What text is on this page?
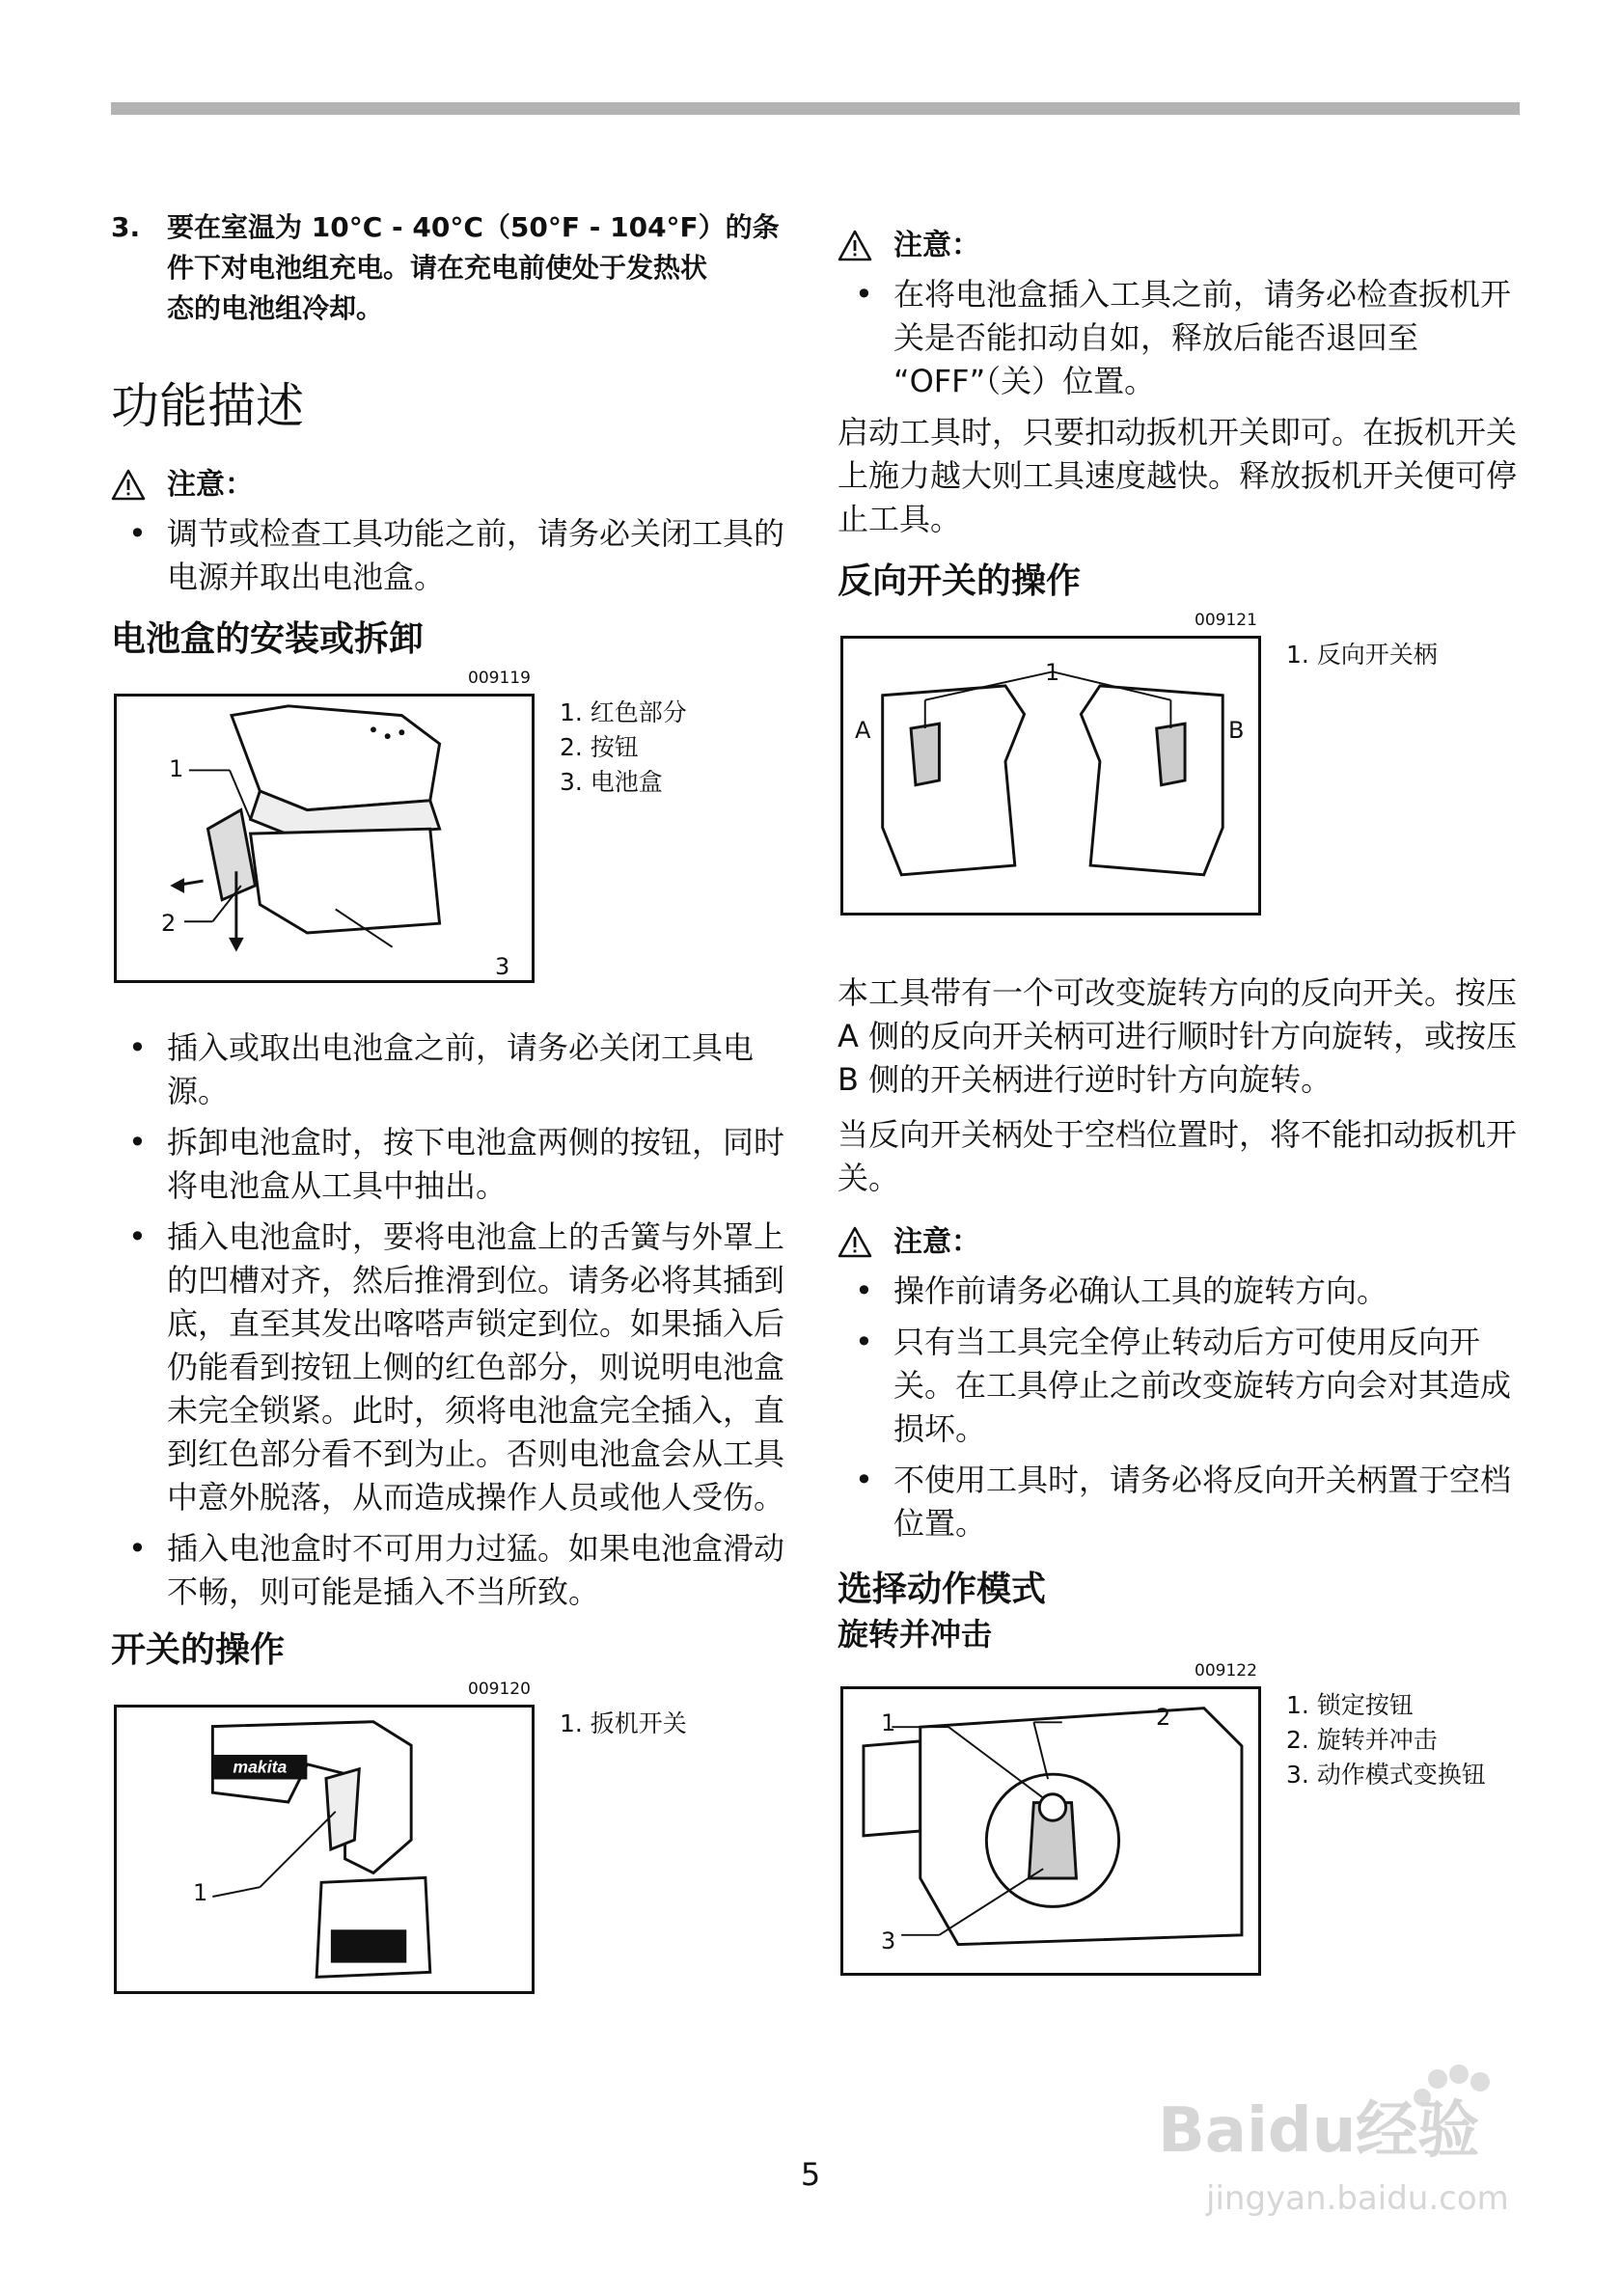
3. 要在室温为 10°C - 40°C（50°F - 104°F）的条
件下对电池组充电。请在充电前使处于发热状
态的电池组冷却。
功能描述
注意：
• 调节或检查工具功能之前，请务必关闭工具的电源并取出电池盒。
电池盒的安装或拆卸
009119
1
2
3
1. 红色部分
2. 按钮
3. 电池盒
• 插入或取出电池盒之前，请务必关闭工具电源。
• 拆卸电池盒时，按下电池盒两侧的按钮，同时将电池盒从工具中抽出。
• 插入电池盒时，要将电池盒上的舌簧与外罩上的凹槽对齐，然后推滑到位。请务必将其插到底，直至其发出喀嗒声锁定到位。如果插入后仍能看到按钮上侧的红色部分，则说明电池盒未完全锁紧。此时，须将电池盒完全插入，直到红色部分看不到为止。否则电池盒会从工具中意外脱落，从而造成操作人员或他人受伤。
• 插入电池盒时不可用力过猛。如果电池盒滑动不畅，则可能是插入不当所致。
开关的操作
009120
makita
1
1. 扳机开关
注意：
• 在将电池盒插入工具之前，请务必检查扳机开关是否能扣动自如，释放后能否退回至 “OFF”（关）位置。

启动工具时，只要扣动扳机开关即可。在扳机开关上施力越大则工具速度越快。释放扳机开关便可停止工具。

反向开关的操作
009121
1
A	B
1. 反向开关柄

本工具带有一个可改变旋转方向的反向开关。按压 A 侧的反向开关柄可进行顺时针方向旋转，或按压 B 侧的开关柄进行逆时针方向旋转。

当反向开关柄处于空档位置时，将不能扣动扳机开关。

注意：
• 操作前请务必确认工具的旋转方向。
• 只有当工具完全停止转动后方可使用反向开关。在工具停止之前改变旋转方向会对其造成损坏。
• 不使用工具时，请务必将反向开关柄置于空档位置。
选择动作模式
旋转并冲击
009122
1	2
3
1. 锁定按钮
2. 旋转并冲击
3. 动作模式变换钮
5
Baidu经验
jingyan.baidu.com
